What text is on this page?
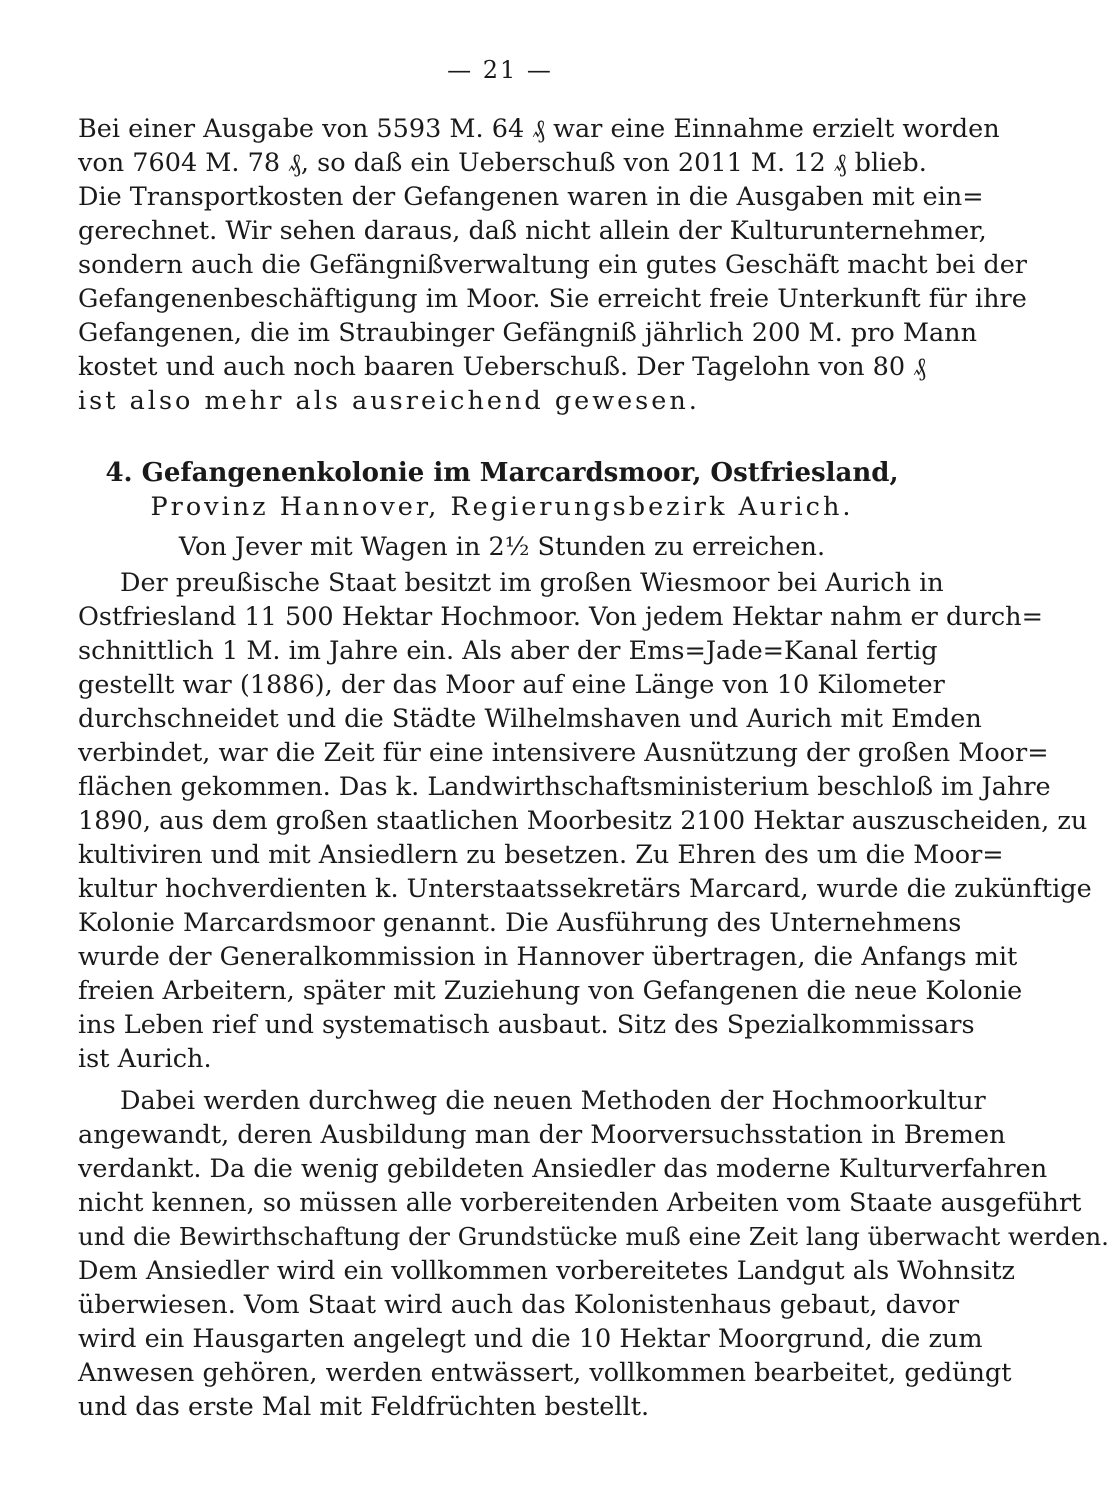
— 21 —
Bei einer Ausgabe von 5593 M. 64 ₰ war eine Einnahme erzielt worden
von 7604 M. 78 ₰, so daß ein Ueberschuß von 2011 M. 12 ₰ blieb.
Die Transportkosten der Gefangenen waren in die Ausgaben mit ein=
gerechnet. Wir sehen daraus, daß nicht allein der Kulturunternehmer,
sondern auch die Gefängnißverwaltung ein gutes Geschäft macht bei der
Gefangenenbeschäftigung im Moor. Sie erreicht freie Unterkunft für ihre
Gefangenen, die im Straubinger Gefängniß jährlich 200 M. pro Mann
kostet und auch noch baaren Ueberschuß. Der Tagelohn von 80 ₰
ist also mehr als ausreichend gewesen.
4. Gefangenenkolonie im Marcardsmoor, Ostfriesland,
Provinz Hannover, Regierungsbezirk Aurich.
Von Jever mit Wagen in 2½ Stunden zu erreichen.
Der preußische Staat besitzt im großen Wiesmoor bei Aurich in
Ostfriesland 11 500 Hektar Hochmoor. Von jedem Hektar nahm er durch=
schnittlich 1 M. im Jahre ein. Als aber der Ems=Jade=Kanal fertig
gestellt war (1886), der das Moor auf eine Länge von 10 Kilometer
durchschneidet und die Städte Wilhelmshaven und Aurich mit Emden
verbindet, war die Zeit für eine intensivere Ausnützung der großen Moor=
flächen gekommen. Das k. Landwirthschaftsministerium beschloß im Jahre
1890, aus dem großen staatlichen Moorbesitz 2100 Hektar auszuscheiden, zu
kultiviren und mit Ansiedlern zu besetzen. Zu Ehren des um die Moor=
kultur hochverdienten k. Unterstaatssekretärs Marcard, wurde die zukünftige
Kolonie Marcardsmoor genannt. Die Ausführung des Unternehmens
wurde der Generalkommission in Hannover übertragen, die Anfangs mit
freien Arbeitern, später mit Zuziehung von Gefangenen die neue Kolonie
ins Leben rief und systematisch ausbaut. Sitz des Spezialkommissars
ist Aurich.
Dabei werden durchweg die neuen Methoden der Hochmoorkultur
angewandt, deren Ausbildung man der Moorversuchsstation in Bremen
verdankt. Da die wenig gebildeten Ansiedler das moderne Kulturverfahren
nicht kennen, so müssen alle vorbereitenden Arbeiten vom Staate ausgeführt
und die Bewirthschaftung der Grundstücke muß eine Zeit lang überwacht werden.
Dem Ansiedler wird ein vollkommen vorbereitetes Landgut als Wohnsitz
überwiesen. Vom Staat wird auch das Kolonistenhaus gebaut, davor
wird ein Hausgarten angelegt und die 10 Hektar Moorgrund, die zum
Anwesen gehören, werden entwässert, vollkommen bearbeitet, gedüngt
und das erste Mal mit Feldfrüchten bestellt.
